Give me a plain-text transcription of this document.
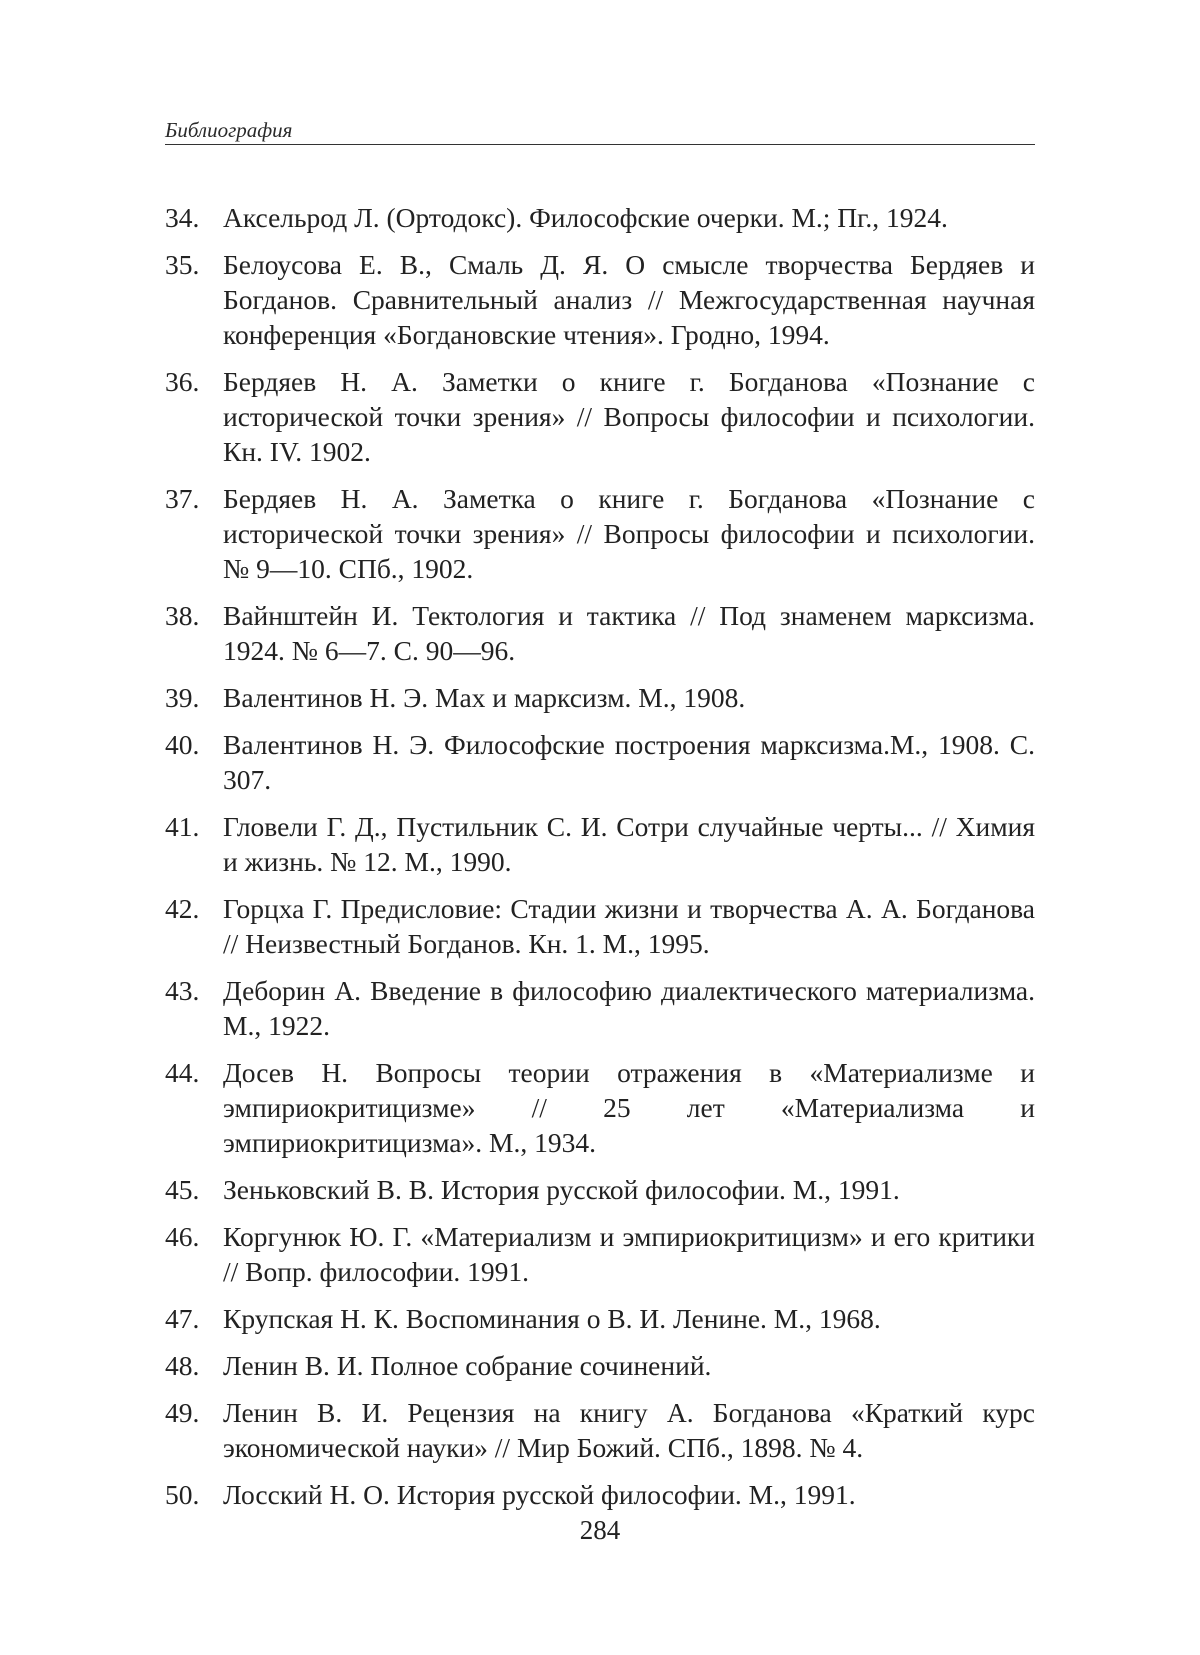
Библиография
34. Аксельрод Л. (Ортодокс). Философские очерки. М.; Пг., 1924.
35. Белоусова Е. В., Смаль Д. Я. О смысле творчества Бердяев и Богданов. Сравнительный анализ // Межгосударственная научная конференция «Богдановские чтения». Гродно, 1994.
36. Бердяев Н. А. Заметки о книге г. Богданова «Познание с исторической точки зрения» // Вопросы философии и психологии. Кн. IV. 1902.
37. Бердяев Н. А. Заметка о книге г. Богданова «Познание с исторической точки зрения» // Вопросы философии и психологии. № 9—10. СПб., 1902.
38. Вайнштейн И. Тектология и тактика // Под знаменем марксизма. 1924. № 6—7. С. 90—96.
39. Валентинов Н. Э. Мах и марксизм. М., 1908.
40. Валентинов Н. Э. Философские построения марксизма.М., 1908. С. 307.
41. Гловели Г. Д., Пустильник С. И. Сотри случайные черты... // Химия и жизнь. № 12. М., 1990.
42. Горцха Г. Предисловие: Стадии жизни и творчества А. А. Богданова // Неизвестный Богданов. Кн. 1. М., 1995.
43. Деборин А. Введение в философию диалектического материализма. М., 1922.
44. Досев Н. Вопросы теории отражения в «Материализме и эмпириокритицизме» // 25 лет «Материализма и эмпириокритицизма». М., 1934.
45. Зеньковский В. В. История русской философии. М., 1991.
46. Коргунюк Ю. Г. «Материализм и эмпириокритицизм» и его критики // Вопр. философии. 1991.
47. Крупская Н. К. Воспоминания о В. И. Ленине. М., 1968.
48. Ленин В. И. Полное собрание сочинений.
49. Ленин В. И. Рецензия на книгу А. Богданова «Краткий курс экономической науки» // Мир Божий. СПб., 1898. № 4.
50. Лосский Н. О. История русской философии. М., 1991.
284
